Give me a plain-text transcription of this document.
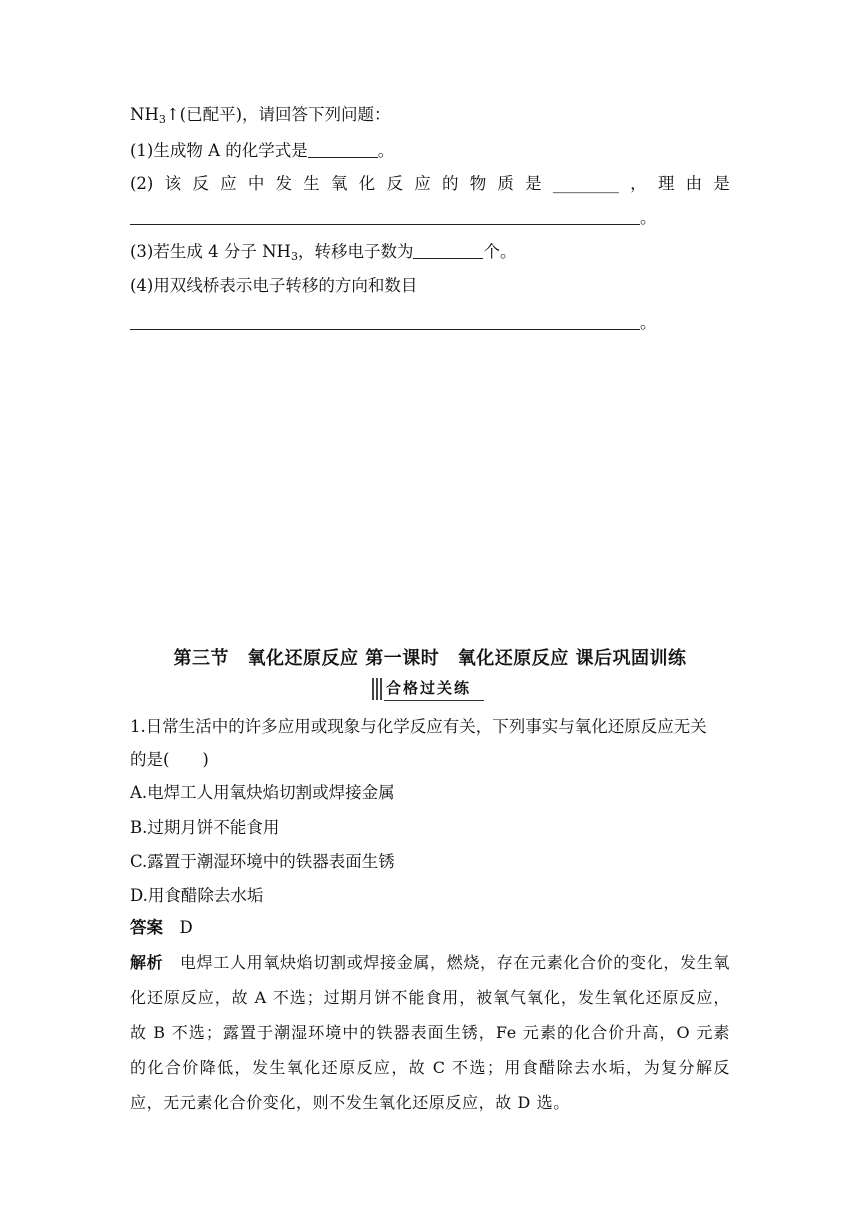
$NH_3↑$(已配平)，请回答下列问题：
(1)生成物 A 的化学式是	。
(2) 该 反 应 中 发 生 氧 化 反 应 的 物 质 是 ________ ， 理 由 是
。
(3)若生成 4 分子 $NH_3$，转移电子数为	个。
(4)用双线桥表示电子转移的方向和数目
。
第三节　氧化还原反应 第一课时　氧化还原反应 课后巩固训练
合格过关练
1.日常生活中的许多应用或现象与化学反应有关，下列事实与氧化还原反应无关
的是(　　)
A.电焊工人用氧炔焰切割或焊接金属
B.过期月饼不能食用
C.露置于潮湿环境中的铁器表面生锈
D.用食醋除去水垢
答案　 D
解析　 电焊工人用氧炔焰切割或焊接金属，燃烧，存在元素化合价的变化，发生氧化还原反应，故 A 不选；过期月饼不能食用，被氧气氧化，发生氧化还原反应，故 B 不选；露置于潮湿环境中的铁器表面生锈，Fe 元素的化合价升高，O 元素的化合价降低，发生氧化还原反应，故 C 不选；用食醋除去水垢，为复分解反应，无元素化合价变化，则不发生氧化还原反应，故 D 选。
